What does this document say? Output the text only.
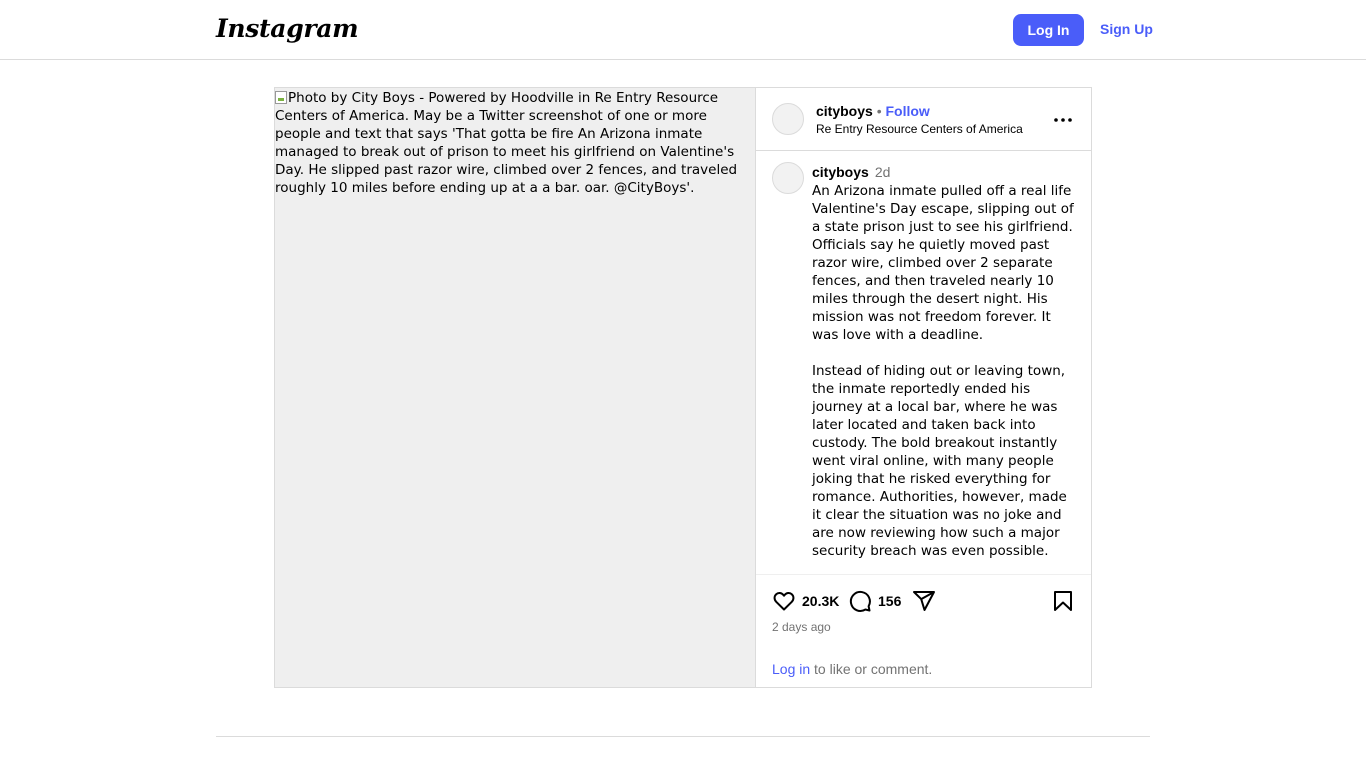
Instagram	Log In	Sign Up
Photo by City Boys - Powered by Hoodville in Re Entry Resource Centers of America. May be a Twitter screenshot of one or more people and text that says 'That gotta be fire An Arizona inmate managed to break out of prison to meet his girlfriend on Valentine's Day. He slipped past razor wire, climbed over 2 fences, and traveled roughly 10 miles before ending up at a a bar. oar. @CityBoys'.
cityboys • Follow
Re Entry Resource Centers of America
cityboys 2d
An Arizona inmate pulled off a real life Valentine's Day escape, slipping out of a state prison just to see his girlfriend. Officials say he quietly moved past razor wire, climbed over 2 separate fences, and then traveled nearly 10 miles through the desert night. His mission was not freedom forever. It was love with a deadline.

Instead of hiding out or leaving town, the inmate reportedly ended his journey at a local bar, where he was later located and taken back into custody. The bold breakout instantly went viral online, with many people joking that he risked everything for romance. Authorities, however, made it clear the situation was no joke and are now reviewing how such a major security breach was even possible.

20.3K	156
2 days ago
Log in to like or comment.
